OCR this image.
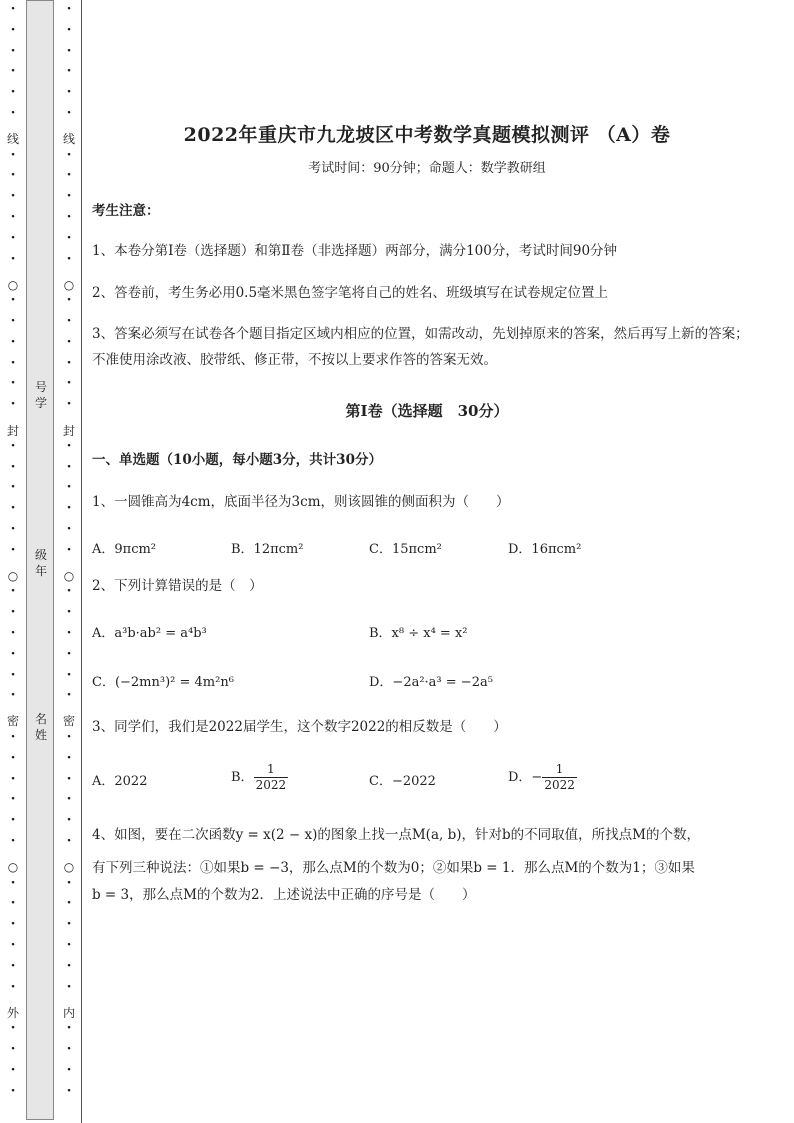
·
·
·
·
·
·
·
·
·
·
·
·
·
·
·
·
·
·
·
·
·
·
·
·
·
·
·
·
·
·
·
·
·
·
·
·
·
·
·
·
·
·
·
·
·
·
线
○
封
○
密
○
外
号
学
级
年
名
姓
·
·
·
·
·
·
·
·
·
·
·
·
·
·
·
·
·
·
·
·
·
·
·
·
·
·
·
·
·
·
·
·
·
·
·
·
·
·
·
·
·
·
·
·
·
·
线
○
封
○
密
○
内
2022年重庆市九龙坡区中考数学真题模拟测评 （A）卷
考试时间：90分钟；命题人：数学教研组
考生注意：
1、本卷分第I卷（选择题）和第Ⅱ卷（非选择题）两部分，满分100分，考试时间90分钟
2、答卷前，考生务必用0.5毫米黑色签字笔将自己的姓名、班级填写在试卷规定位置上
3、答案必须写在试卷各个题目指定区域内相应的位置，如需改动，先划掉原来的答案，然后再写上新的答案；不准使用涂改液、胶带纸、修正带，不按以上要求作答的答案无效。
第I卷（选择题　30分）
一、单选题（10小题，每小题3分，共计30分）
1、一圆锥高为4cm，底面半径为3cm，则该圆锥的侧面积为（　　）
A．9πcm²	B．12πcm²	C．15πcm²	D．16πcm²
2、下列计算错误的是（　）
A．a³b·ab² = a⁴b³	B．x⁸ ÷ x⁴ = x²
C．(−2mn³)² = 4m²n⁶	D．−2a²·a³ = −2a⁵
3、同学们，我们是2022届学生，这个数字2022的相反数是（　　）
A．2022	B． $\frac{1}{2022}$	C．−2022	D．− $\frac{1}{2022}$
4、如图，要在二次函数y = x(2 − x)的图象上找一点M(a, b)，针对b的不同取值，所找点M的个数，
有下列三种说法：①如果b = −3，那么点M的个数为0；②如果b = 1．那么点M的个数为1；③如果
b = 3，那么点M的个数为2．上述说法中正确的序号是（　　）
